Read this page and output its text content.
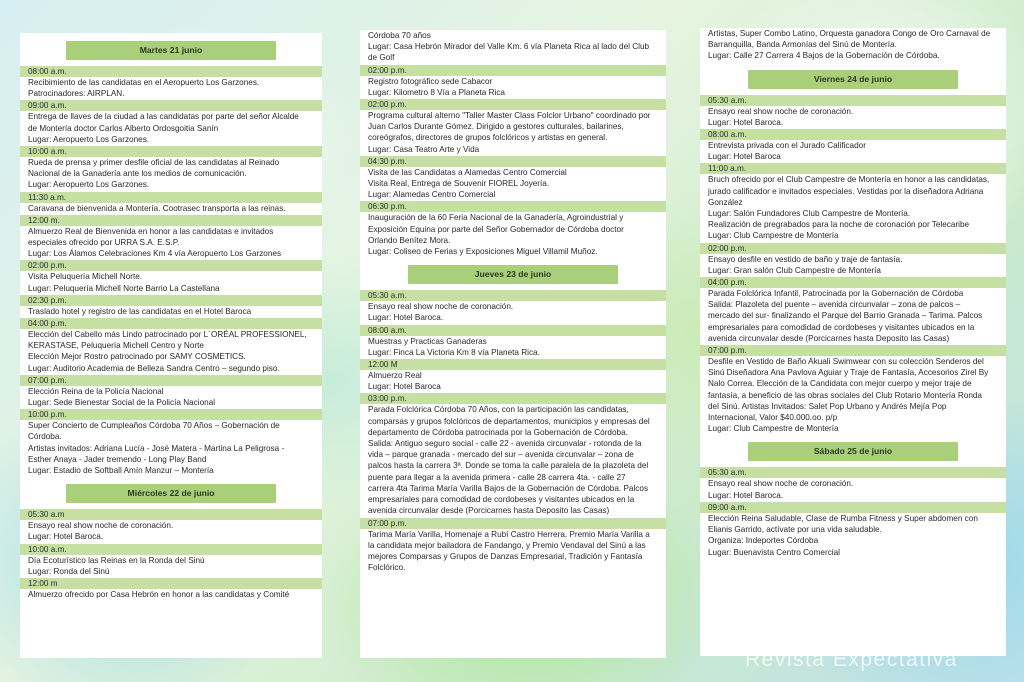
Martes 21 junio
08:00 a.m.
Recibimiento de las candidatas en el Aeropuerto Los Garzones.
Patrocinadores: AIRPLAN.
09:00 a.m.
Entrega de llaves de la ciudad a las candidatas por parte del señor Alcalde
de Montería doctor Carlos Alberto Ordosgoitia Sanín
Lugar: Aeropuerto Los Garzones.
10:00 a.m.
Rueda de prensa y primer desfile oficial de las candidatas al Reinado
Nacional de la Ganadería ante los medios de comunicación.
Lugar: Aeropuerto Los Garzones.
11:30 a.m.
Caravana de bienvenida a Montería. Cootrasec transporta a las reinas.
12:00 m.
Almuerzo Real de Bienvenida en honor a las candidatas e invitados
especiales ofrecido por URRA S.A. E.S.P.
Lugar: Los Álamos Celebraciones Km 4 vía Aeropuerto Los Garzones
02:00 p.m.
Visita Peluquería Michell Norte.
Lugar: Peluquería Michell Norte Barrio La Castellana
02:30 p.m.
Traslado hotel y registro de las candidatas en el Hotel Baroca
04:00 p.m.
Elección del Cabello más Lindo patrocinado por L´ORÉAL PROFESSIONEL,
KERASTASE, Peluquería Michell Centro y Norte
Elección Mejor Rostro patrocinado por SAMY COSMETICS.
Lugar: Auditorio Academia de Belleza Sandra Centro – segundo piso.
07:00 p.m.
Elección Reina de la Policía Nacional
Lugar: Sede Bienestar Social de la Policía Nacional
10:00 p.m.
Super Concierto de Cumpleaños Córdoba 70 Años – Gobernación de
Córdoba.
Artistas invitados: Adriana Lucía - José Matera - Martina La Peligrosa -
Esther Anaya - Jader tremendo - Long Play Band
Lugar: Estadio de Softball Amín Manzur – Montería
Miércoles 22 de junio
05:30 a.m
Ensayo real show noche de coronación.
Lugar: Hotel Baroca.
10:00 a.m.
Día Ecoturístico las Reinas en la Ronda del Sinú
Lugar: Ronda del Sinú
12:00 m
Almuerzo ofrecido por Casa Hebrón en honor a las candidatas y Comité
Córdoba 70 años
Lugar: Casa Hebrón Mirador del Valle Km. 6 vía Planeta Rica al lado del Club
de Golf
02:00 p.m.
Registro fotográfico sede Cabacor
Lugar: Kilometro 8 Vía a Planeta Rica
02:00 p.m.
Programa cultural alterno "Taller Master Class Folclor Urbano" coordinado por
Juan Carlos Durante Gómez. Dirigido a gestores culturales, bailarines,
coreógrafos, directores de grupos folclóricos y artistas en general.
Lugar: Casa Teatro Arte y Vida
04:30 p.m.
Visita de las Candidatas a Alamedas Centro Comercial
Visita Real, Entrega de Souvenir FIOREL Joyería.
Lugar: Alamedas Centro Comercial
06:30 p.m.
Inauguración de la 60 Feria Nacional de la Ganadería, Agroindustrial y
Exposición Equina por parte del Señor Gobernador de Córdoba doctor
Orlando Benítez Mora.
Lugar: Coliseo de Ferias y Exposiciones Miguel Villamil Muñoz.
Jueves 23 de junio
05:30 a.m.
Ensayo real show noche de coronación.
Lugar: Hotel Baroca.
08:00 a.m.
Muestras y Practicas Ganaderas
Lugar: Finca La Victoria Km 8 vía Planeta Rica.
12:00 M
Almuerzo Real
Lugar: Hotel Baroca
03:00 p.m.
Parada Folclórica Córdoba 70 Años, con la participación las candidatas,
comparsas y grupos folclóricos de departamentos, municipios y empresas del
departamento de Córdoba patrocinada por la Gobernación de Córdoba.
Salida: Antiguo seguro social - calle 22 - avenida circunvalar - rotonda de la
vida – parque granada - mercado del sur – avenida circunvalar – zona de
palcos hasta la carrera 3ª. Donde se toma la calle paralela de la plazoleta del
puente para llegar a la avenida primera - calle 28 carrera 4ta. - calle 27
carrera 4ta Tarima María Varilla Bajos de la Gobernación de Córdoba. Palcos
empresariales para comodidad de cordobeses y visitantes ubicados en la
avenida circunvalar desde (Porcicarnes hasta Deposito las Casas)
07:00 p.m.
Tarima María Varilla, Homenaje a Rubí Castro Herrera. Premio María Varilla a
la candidata mejor bailadora de Fandango, y Premio Vendaval del Sinú a las
mejores Comparsas y Grupos de Danzas Empresarial, Tradición y Fantasía
Folclórico.
Artistas, Super Combo Latino, Orquesta ganadora Congo de Oro Carnaval de
Barranquilla, Banda Armonías del Sinú de Montería.
Lugar: Calle 27 Carrera 4 Bajos de la Gobernación de Córdoba.
Viernes 24 de junio
05:30 a.m.
Ensayo real show noche de coronación.
Lugar: Hotel Baroca.
08:00 a.m.
Entrevista privada con el Jurado Calificador
Lugar: Hotel Baroca
11:00 a.m.
Bruch ofrecido por el Club Campestre de Montería en honor a las candidatas,
jurado calificador e invitados especiales. Vestidas por la diseñadora Adriana
González
Lugar: Salón Fundadores Club Campestre de Montería.
Realización de pregrabados para la noche de coronación por Telecaribe
Lugar: Club Campestre de Montería
02:00 p.m.
Ensayo desfile en vestido de baño y traje de fantasía.
Lugar: Gran salón Club Campestre de Montería
04:00 p.m.
Parada Folclórica Infantil, Patrocinada por la Gobernación de Córdoba
Salida: Plazoleta del puente – avenida circunvalar – zona de palcos –
mercado del sur- finalizando el Parque del Barrio Granada – Tarima. Palcos
empresariales para comodidad de cordobeses y visitantes ubicados en la
avenida circunvalar desde (Porcicarnes hasta Deposito las Casas)
07:00 p.m.
Desfile en Vestido de Baño Akuali Swimwear con su colección Senderos del
Sinú Diseñadora Ana Pavlova Aguiar y Traje de Fantasía, Accesorios Zirel By
Nalo Correa. Elección de la Candidata con mejor cuerpo y mejor traje de
fantasía, a beneficio de las obras sociales del Club Rotario Montería Ronda
del Sinú. Artistas Invitados: Salet Pop Urbano y Andrés Mejía Pop
Internacional, Valor $40.000.oo. p/p
Lugar: Club Campestre de Montería
Sábado 25 de junio
05:30 a.m.
Ensayo real show noche de coronación.
Lugar: Hotel Baroca.
09:00 a.m.
Elección Reina Saludable, Clase de Rumba Fitness y Super abdomen con
Elianis Garrido, actívate por una vida saludable.
Organiza: Indeportes Córdoba
Lugar: Buenavista Centro Comercial
Revista Expectativa
